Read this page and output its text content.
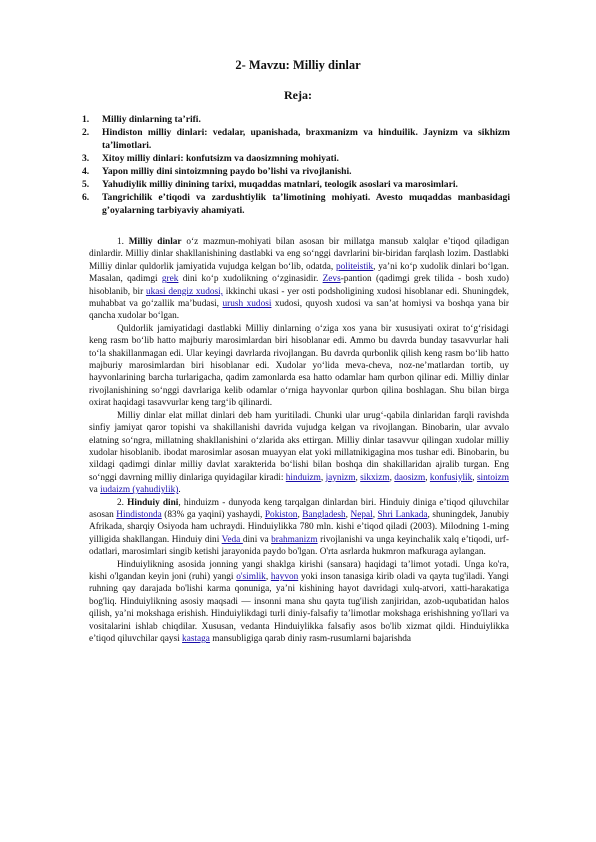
2- Mavzu: Milliy dinlar
Reja:
1. Milliy dinlarning ta’rifi.
2. Hindiston milliy dinlari: vedalar, upanishada, braxmanizm va hinduilik. Jaynizm va sikhizm ta’limotlari.
3. Xitoy milliy dinlari: konfutsizm va daosizmning mohiyati.
4. Yapon milliy dini sintoizmning paydo bo’lishi va rivojlanishi.
5. Yahudiylik milliy dinining tarixi, muqaddas matnlari, teologik asoslari va marosimlari.
6. Tangrichilik e’tiqodi va zardushtiylik ta’limotining mohiyati. Avesto muqaddas manbasidagi g’oyalarning tarbiyaviy ahamiyati.

1. Milliy dinlar o‘z mazmun-mohiyati bilan asosan bir millatga mansub xalqlar e’tiqod qiladigan dinlardir. Milliy dinlar shakllanishining dastlabki va eng so‘nggi davrlarini bir-biridan farqlash lozim. Dastlabki Milliy dinlar quldorlik jamiyatida vujudga kelgan bo‘lib, odatda, politeistik, ya’ni ko‘p xudolik dinlari bo‘lgan. Masalan, qadimgi grek dini ko‘p xudolikning o‘zginasidir. Zevs-pantion (qadimgi grek tilida - bosh xudo) hisoblanib, bir ukasi dengiz xudosi, ikkinchi ukasi - yer osti podsholigining xudosi hisoblanar edi. Shuningdek, muhabbat va go‘zallik ma’budasi, urush xudosi xudosi, quyosh xudosi va san’at homiysi va boshqa yana bir qancha xudolar bo‘lgan.

Quldorlik jamiyatidagi dastlabki Milliy dinlarning o‘ziga xos yana bir xususiyati oxirat to‘g‘risidagi keng rasm bo‘lib hatto majburiy marosimlardan biri hisoblanar edi. Ammo bu davrda bunday tasavvurlar hali to‘la shakillanmagan edi. Ular keyingi davrlarda rivojlangan. Bu davrda qurbonlik qilish keng rasm bo‘lib hatto majburiy marosimlardan biri hisoblanar edi. Xudolar yo‘lida meva-cheva, noz-ne’matlardan tortib, uy hayvonlarining barcha turlarigacha, qadim zamonlarda esa hatto odamlar ham qurbon qilinar edi. Milliy dinlar rivojlanishining so‘nggi davrlariga kelib odamlar o‘rniga hayvonlar qurbon qilina boshlagan. Shu bilan birga oxirat haqidagi tasavvurlar keng targ‘ib qilinardi.

Milliy dinlar elat millat dinlari deb ham yuritiladi. Chunki ular urug‘-qabila dinlaridan farqli ravishda sinfiy jamiyat qaror topishi va shakillanishi davrida vujudga kelgan va rivojlangan. Binobarin, ular avvalo elatning so‘ngra, millatning shakllanishini o‘zlarida aks ettirgan. Milliy dinlar tasavvur qilingan xudolar milliy xudolar hisoblanib. ibodat marosimlar asosan muayyan elat yoki millatnikigagina mos tushar edi. Binobarin, bu xildagi qadimgi dinlar milliy davlat xarakterida bo‘lishi bilan boshqa din shakillaridan ajralib turgan. Eng so‘nggi davrning milliy dinlariga quyidagilar kiradi: hinduizm, jaynizm, sikxizm, daosizm, konfusiylik, sintoizm va iudaizm (yahudiylik).

2. Hinduiy dini, hinduizm - dunyoda keng tarqalgan dinlardan biri. Hinduiy diniga e’tiqod qiluvchilar asosan Hindistonda (83% ga yaqini) yashaydi, Pokiston, Bangladesh, Nepal, Shri Lankada, shuningdek, Janubiy Afrikada, sharqiy Osiyoda ham uchraydi. Hinduiylikka 780 mln. kishi e’tiqod qiladi (2003). Milodning 1-ming yilligida shakllangan. Hinduiy dini Veda dini va brahmanizm rivojlanishi va unga keyinchalik xalq e’tiqodi, urf-odatlari, marosimlari singib ketishi jarayonida paydo bo'lgan. O'rta asrlarda hukmron mafkuraga aylangan.

Hinduiylikning asosida jonning yangi shaklga kirishi (sansara) haqidagi ta’limot yotadi. Unga ko'ra, kishi o'lgandan keyin joni (ruhi) yangi o'simlik, hayvon yoki inson tanasiga kirib oladi va qayta tug'iladi. Yangi ruhning qay darajada bo'lishi karma qonuniga, ya’ni kishining hayot davridagi xulq-atvori, xatti-harakatiga bog'liq. Hinduiylikning asosiy maqsadi — insonni mana shu qayta tug'ilish zanjiridan, azob-uqubatidan halos qilish, ya’ni mokshaga erishish. Hinduiylikdagi turli diniy-falsafiy ta’limotlar mokshaga erishishning yo'llari va vositalarini ishlab chiqdilar. Xususan, vedanta Hinduiylikka falsafiy asos bo'lib xizmat qildi. Hinduiylikka e’tiqod qiluvchilar qaysi kastaga mansubligiga qarab diniy rasm-rusumlarni bajarishda
